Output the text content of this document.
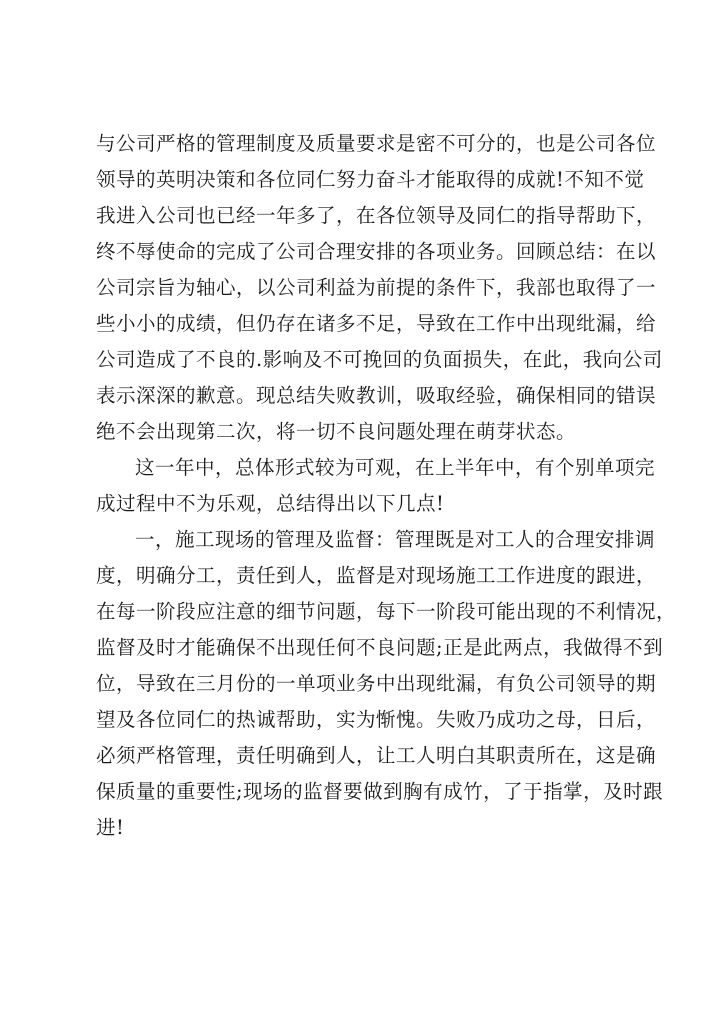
与公司严格的管理制度及质量要求是密不可分的，也是公司各位
领导的英明决策和各位同仁努力奋斗才能取得的成就!不知不觉
我进入公司也已经一年多了，在各位领导及同仁的指导帮助下，
终不辱使命的完成了公司合理安排的各项业务。回顾总结：在以
公司宗旨为轴心，以公司利益为前提的条件下，我部也取得了一
些小小的成绩，但仍存在诸多不足，导致在工作中出现纰漏，给
公司造成了不良的.影响及不可挽回的负面损失，在此，我向公司
表示深深的歉意。现总结失败教训，吸取经验，确保相同的错误
绝不会出现第二次，将一切不良问题处理在萌芽状态。

这一年中，总体形式较为可观，在上半年中，有个别单项完
成过程中不为乐观，总结得出以下几点!

一，施工现场的管理及监督：管理既是对工人的合理安排调
度，明确分工，责任到人，监督是对现场施工工作进度的跟进，
在每一阶段应注意的细节问题，每下一阶段可能出现的不利情况，
监督及时才能确保不出现任何不良问题;正是此两点，我做得不到
位，导致在三月份的一单项业务中出现纰漏，有负公司领导的期
望及各位同仁的热诚帮助，实为惭愧。失败乃成功之母，日后，
必须严格管理，责任明确到人，让工人明白其职责所在，这是确
保质量的重要性;现场的监督要做到胸有成竹，了于指掌，及时跟
进!
